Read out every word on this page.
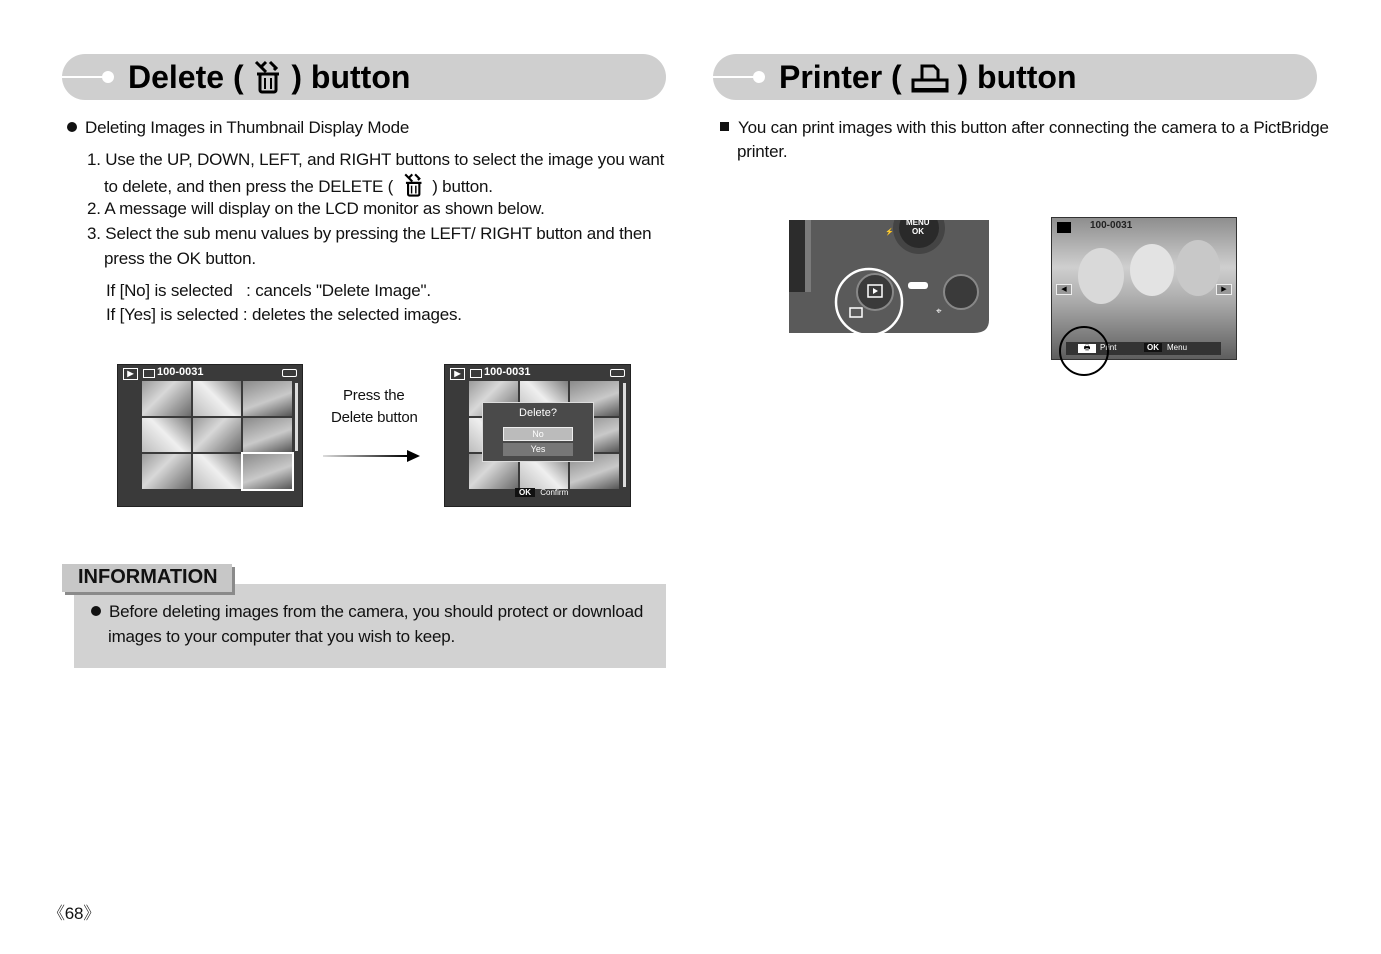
Delete ( ) button	Printer ( ) button
Deleting Images in Thumbnail Display Mode
1. Use the UP, DOWN, LEFT, and RIGHT buttons to select the image you want
to delete, and then press the DELETE ( ) button.
2. A message will display on the LCD monitor as shown below.
3. Select the sub menu values by pressing the LEFT/ RIGHT button and then
press the OK button.
If [No] is selected   : cancels "Delete Image".
If [Yes] is selected : deletes the selected images.
▶	100-0031
Press the
Delete button
▶	100-0031
Delete?
No
Yes
OK Confirm
Before deleting images from the camera, you should protect or download
images to your computer that you wish to keep.
INFORMATION
You can print images with this button after connecting the camera to a PictBridge
printer.
⚡
⌖
MENU
OK
100-0031
◀	▶
🖶	Print	OK	Menu
《68》
